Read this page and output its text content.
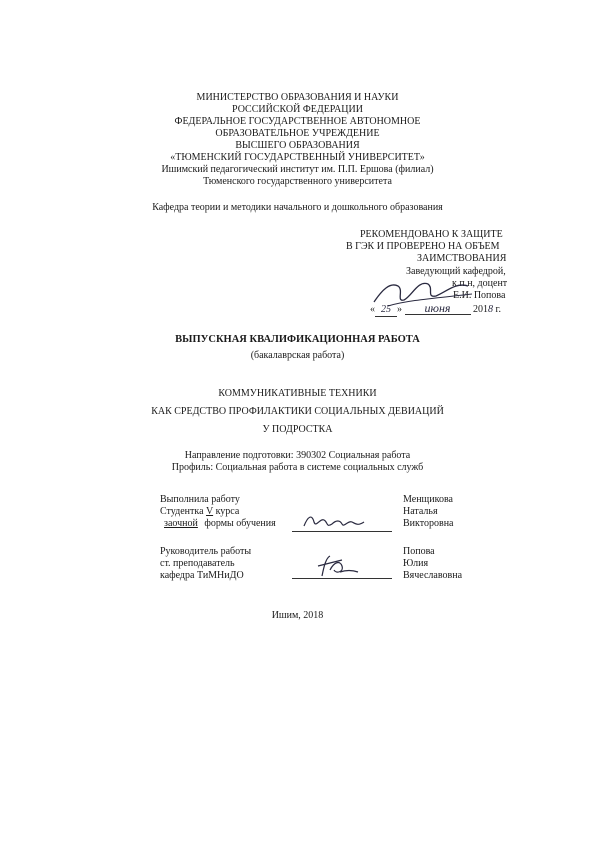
МИНИСТЕРСТВО ОБРАЗОВАНИЯ И НАУКИ
РОССИЙСКОЙ ФЕДЕРАЦИИ
ФЕДЕРАЛЬНОЕ ГОСУДАРСТВЕННОЕ АВТОНОМНОЕ
ОБРАЗОВАТЕЛЬНОЕ УЧРЕЖДЕНИЕ
ВЫСШЕГО ОБРАЗОВАНИЯ
«ТЮМЕНСКИЙ ГОСУДАРСТВЕННЫЙ УНИВЕРСИТЕТ»
Ишимский педагогический институт им. П.П. Ершова (филиал)
Тюменского государственного университета
Кафедра теории и методики начального и дошкольного образования
РЕКОМЕНДОВАНО К ЗАЩИТЕ
В ГЭК И ПРОВЕРЕНО НА ОБЪЕМ
ЗАИМСТВОВАНИЯ
Заведующий кафедрой,
к.п.н, доцент
Е.И. Попова
« 25 » июня 2018 г.
ВЫПУСКНАЯ КВАЛИФИКАЦИОННАЯ РАБОТА
(бакалаврская работа)
КОММУНИКАТИВНЫЕ ТЕХНИКИ
КАК СРЕДСТВО ПРОФИЛАКТИКИ СОЦИАЛЬНЫХ ДЕВИАЦИЙ
У ПОДРОСТКА
Направление подготовки: 390302 Социальная работа
Профиль: Социальная работа в системе социальных служб
Выполнила работу
Студентка V курса
заочной формы обучения
Менщикова
Наталья
Викторовна
Руководитель работы
ст. преподаватель
кафедра ТиМНиДО
Попова
Юлия
Вячеславовна
Ишим, 2018
